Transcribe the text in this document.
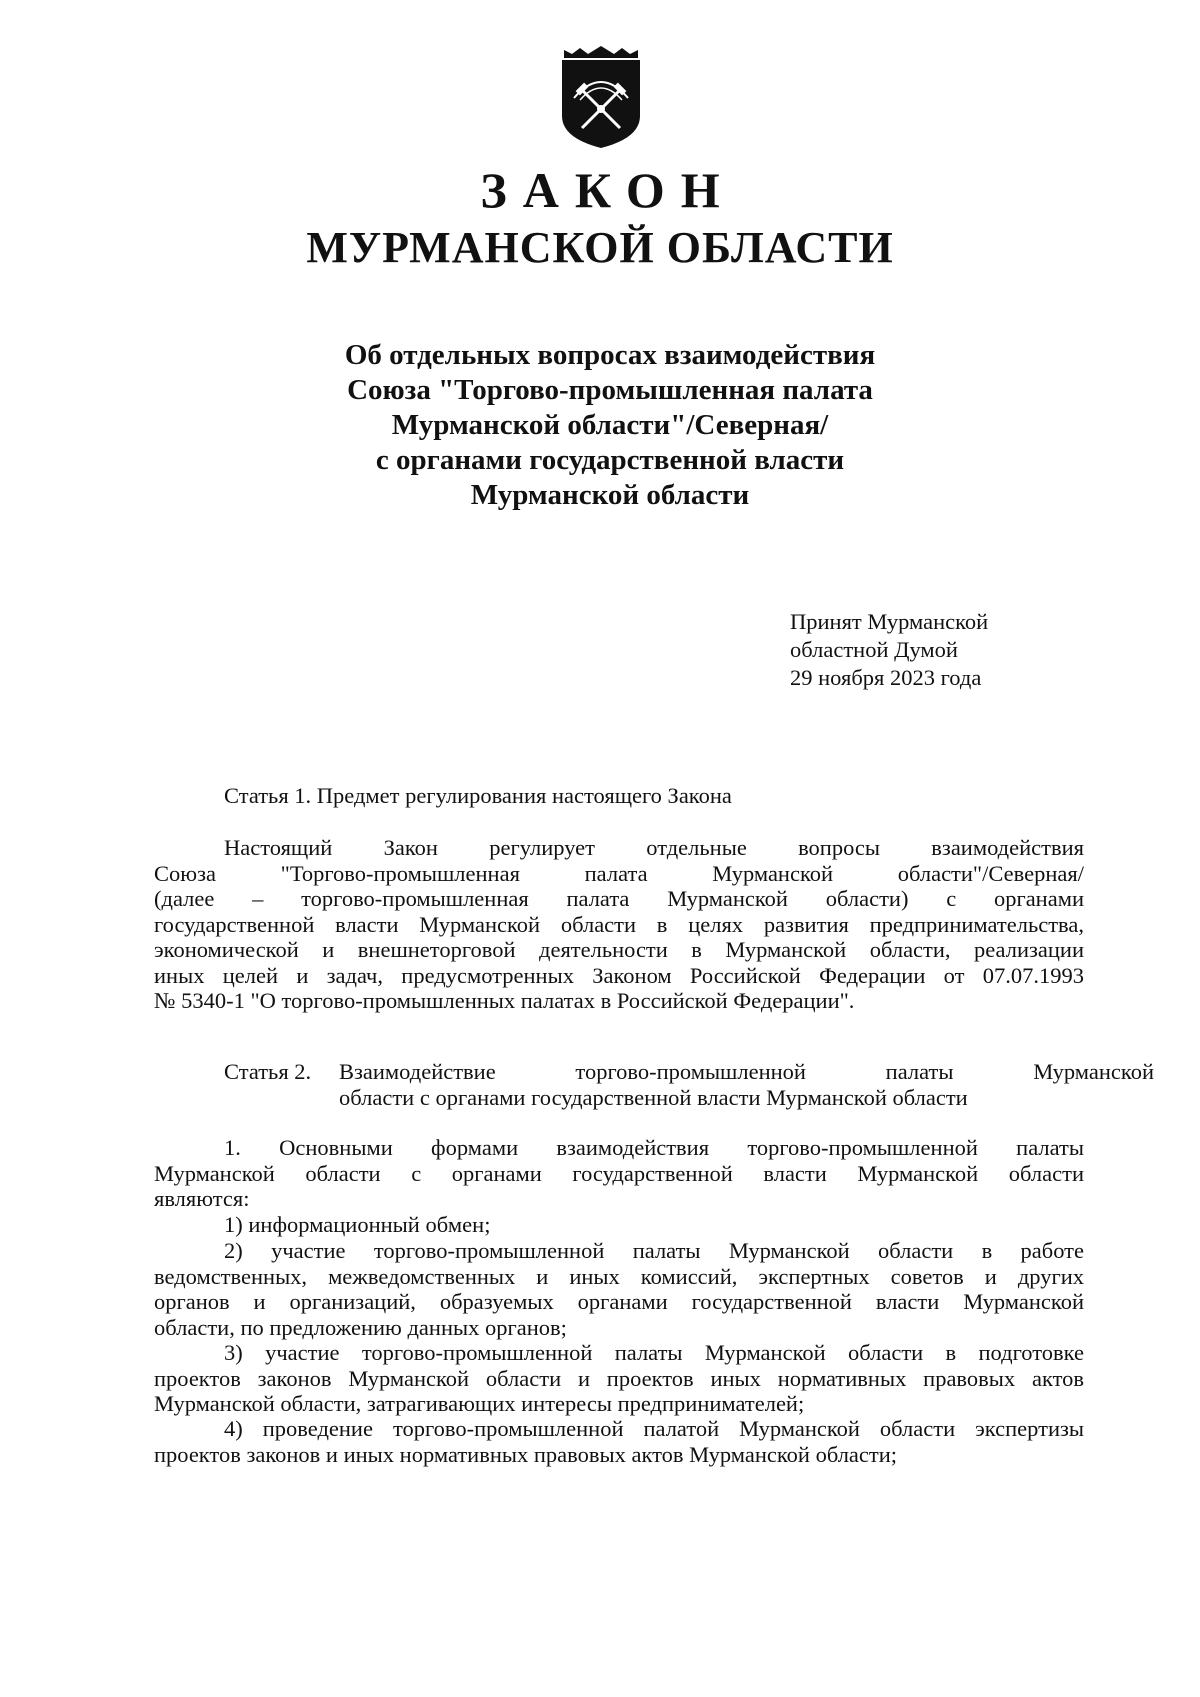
ЗАКОН
МУРМАНСКОЙ ОБЛАСТИ
Об отдельных вопросах взаимодействия
Союза "Торгово-промышленная палата
Мурманской области"/Северная/
с органами государственной власти
Мурманской области
Принят Мурманской
областной Думой
29 ноября 2023 года
Статья 1. Предмет регулирования настоящего Закона
Настоящий Закон регулирует отдельные вопросы взаимодействия
Союза "Торгово-промышленная палата Мурманской области"/Северная/
(далее – торгово-промышленная палата Мурманской области) с органами
государственной власти Мурманской области в целях развития предпринимательства,
экономической и внешнеторговой деятельности в Мурманской области, реализации
иных целей и задач, предусмотренных Законом Российской Федерации от 07.07.1993
№ 5340-1 "О торгово-промышленных палатах в Российской Федерации".
Статья 2. Взаимодействие торгово-промышленной палаты Мурманской
области с органами государственной власти Мурманской области
1. Основными формами взаимодействия торгово-промышленной палаты
Мурманской области с органами государственной власти Мурманской области
являются:
1) информационный обмен;
2) участие торгово-промышленной палаты Мурманской области в работе
ведомственных, межведомственных и иных комиссий, экспертных советов и других
органов и организаций, образуемых органами государственной власти Мурманской
области, по предложению данных органов;
3) участие торгово-промышленной палаты Мурманской области в подготовке
проектов законов Мурманской области и проектов иных нормативных правовых актов
Мурманской области, затрагивающих интересы предпринимателей;
4) проведение торгово-промышленной палатой Мурманской области экспертизы
проектов законов и иных нормативных правовых актов Мурманской области;
